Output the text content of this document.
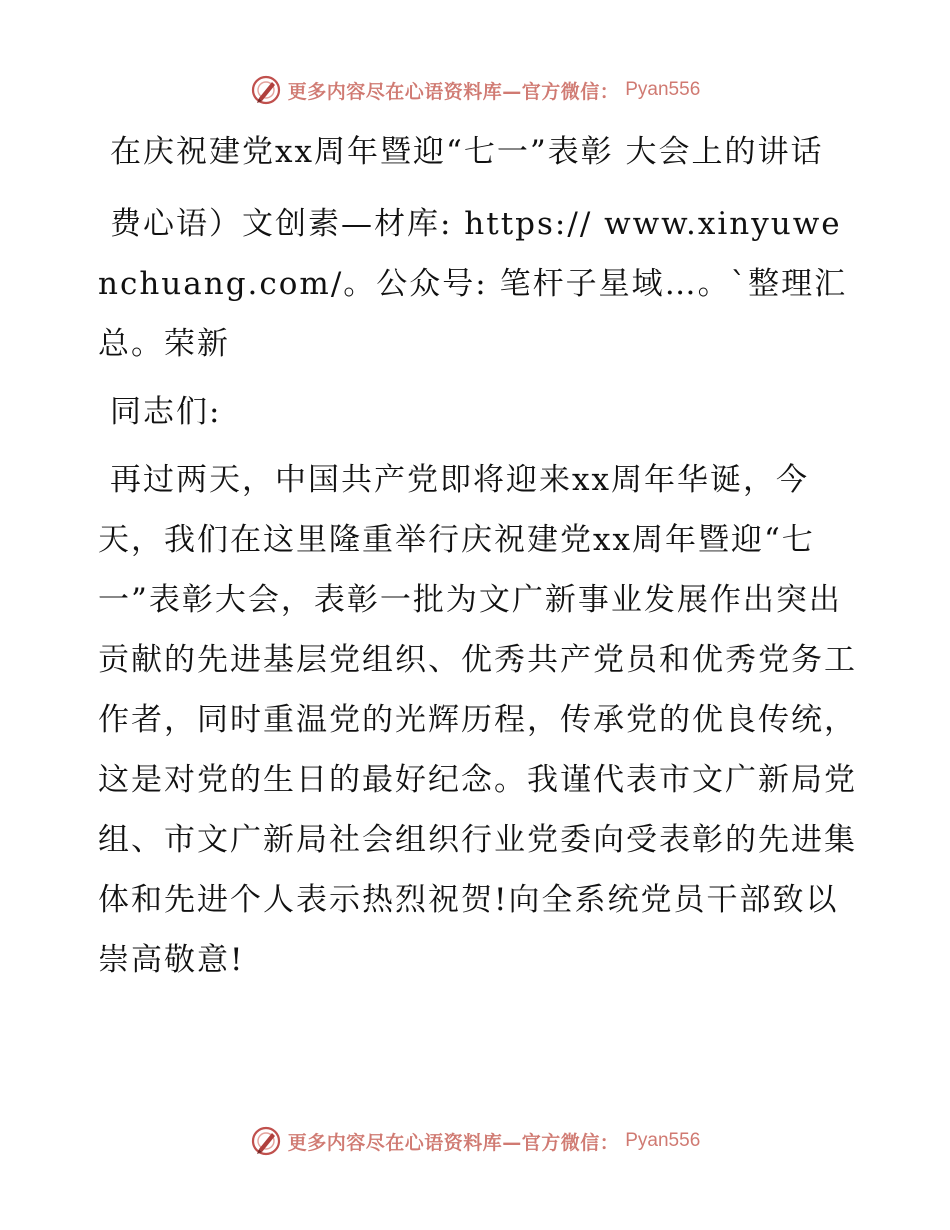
更多内容尽在心语资料库—官方微信： Pyan556

在庆祝建党xx周年暨迎“七一”表彰 大会上的讲话

费心语）文创素—材库: https:// www.xinyuwenchuang.com/。公众号: 笔杆子星域…。`整理汇总。荣新

同志们:

再过两天，中国共产党即将迎来xx周年华诞，今天，我们在这里隆重举行庆祝建党xx周年暨迎“七一”表彰大会，表彰一批为文广新事业发展作出突出贡献的先进基层党组织、优秀共产党员和优秀党务工作者，同时重温党的光辉历程，传承党的优良传统，这是对党的生日的最好纪念。我谨代表市文广新局党组、市文广新局社会组织行业党委向受表彰的先进集体和先进个人表示热烈祝贺!向全系统党员干部致以崇高敬意!

更多内容尽在心语资料库—官方微信： Pyan556
